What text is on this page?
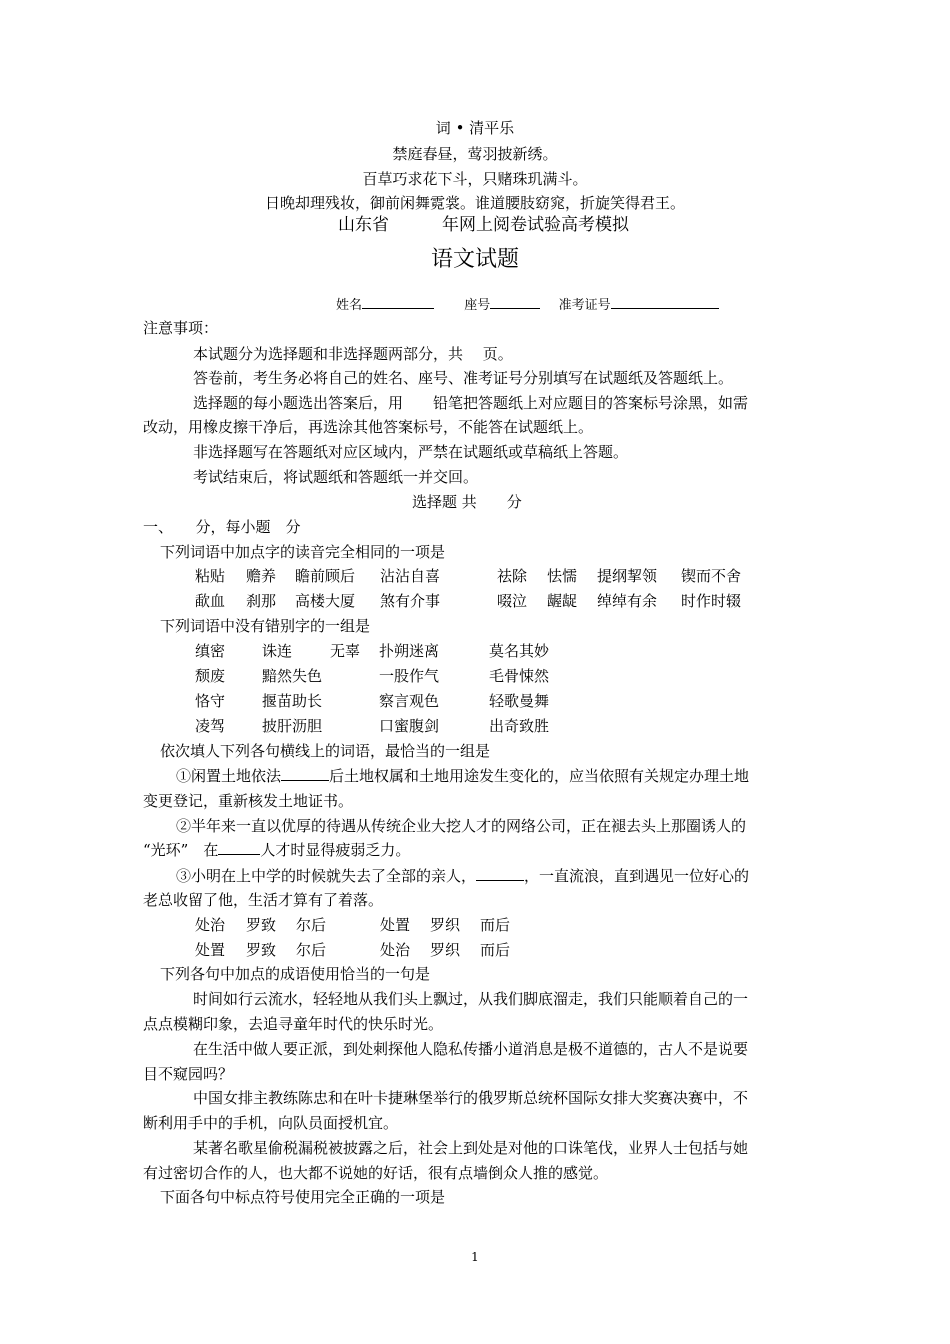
词 • 清平乐
禁庭春昼，莺羽披新绣。
百草巧求花下斗，只赌珠玑满斗。
日晚却理残妆，御前闲舞霓裳。谁道腰肢窈窕，折旋笑得君王。
山东省	年网上阅卷试验高考模拟
语文试题
姓名	座号	准考证号
注意事项：
本试题分为选择题和非选择题两部分，共　 页。
答卷前，考生务必将自己的姓名、座号、准考证号分别填写在试题纸及答题纸上。
选择题的每小题选出答案后，用　　铅笔把答题纸上对应题目的答案标号涂黑，如需
改动，用橡皮擦干净后，再选涂其他答案标号，不能答在试题纸上。
非选择题写在答题纸对应区域内，严禁在试题纸或草稿纸上答题。
考试结束后，将试题纸和答题纸一并交回。
选择题 共　　分
一、　　分，每小题　分
下列词语中加点字的读音完全相同的一项是
粘贴 赡养 瞻前顾后 沾沾自喜	祛除 怯懦 提纲挈领 锲而不舍
歃血 刹那 高楼大厦 煞有介事	啜泣 龌龊 绰绰有余 时作时辍
下列词语中没有错别字的一组是
缜密 诛连	无辜 扑朔迷离	莫名其妙
颓废 黯然失色	一股作气	毛骨悚然
恪守 揠苗助长	察言观色	轻歌曼舞
凌驾 披肝沥胆	口蜜腹剑	出奇致胜
依次填人下列各句横线上的词语，最恰当的一组是
①闲置土地依法	后土地权属和土地用途发生变化的，应当依照有关规定办理土地
变更登记，重新核发土地证书。
②半年来一直以优厚的待遇从传统企业大挖人才的网络公司，正在褪去头上那圈诱人的
“光环”　在	人才时显得疲弱乏力。
③小明在上中学的时候就失去了全部的亲人，	，一直流浪，直到遇见一位好心的
老总收留了他，生活才算有了着落。
处治 罗致 尔后	处置 罗织 而后
处置 罗致 尔后	处治 罗织 而后
下列各句中加点的成语使用恰当的一句是
时间如行云流水，轻轻地从我们头上飘过，从我们脚底溜走，我们只能顺着自己的一
点点模糊印象，去追寻童年时代的快乐时光。
在生活中做人要正派，到处刺探他人隐私传播小道消息是极不道德的，古人不是说要
目不窥园吗？
中国女排主教练陈忠和在叶卡捷琳堡举行的俄罗斯总统杯国际女排大奖赛决赛中，不
断利用手中的手机，向队员面授机宜。
某著名歌星偷税漏税被披露之后，社会上到处是对他的口诛笔伐，业界人士包括与她
有过密切合作的人，也大都不说她的好话，很有点墙倒众人推的感觉。
下面各句中标点符号使用完全正确的一项是
1
